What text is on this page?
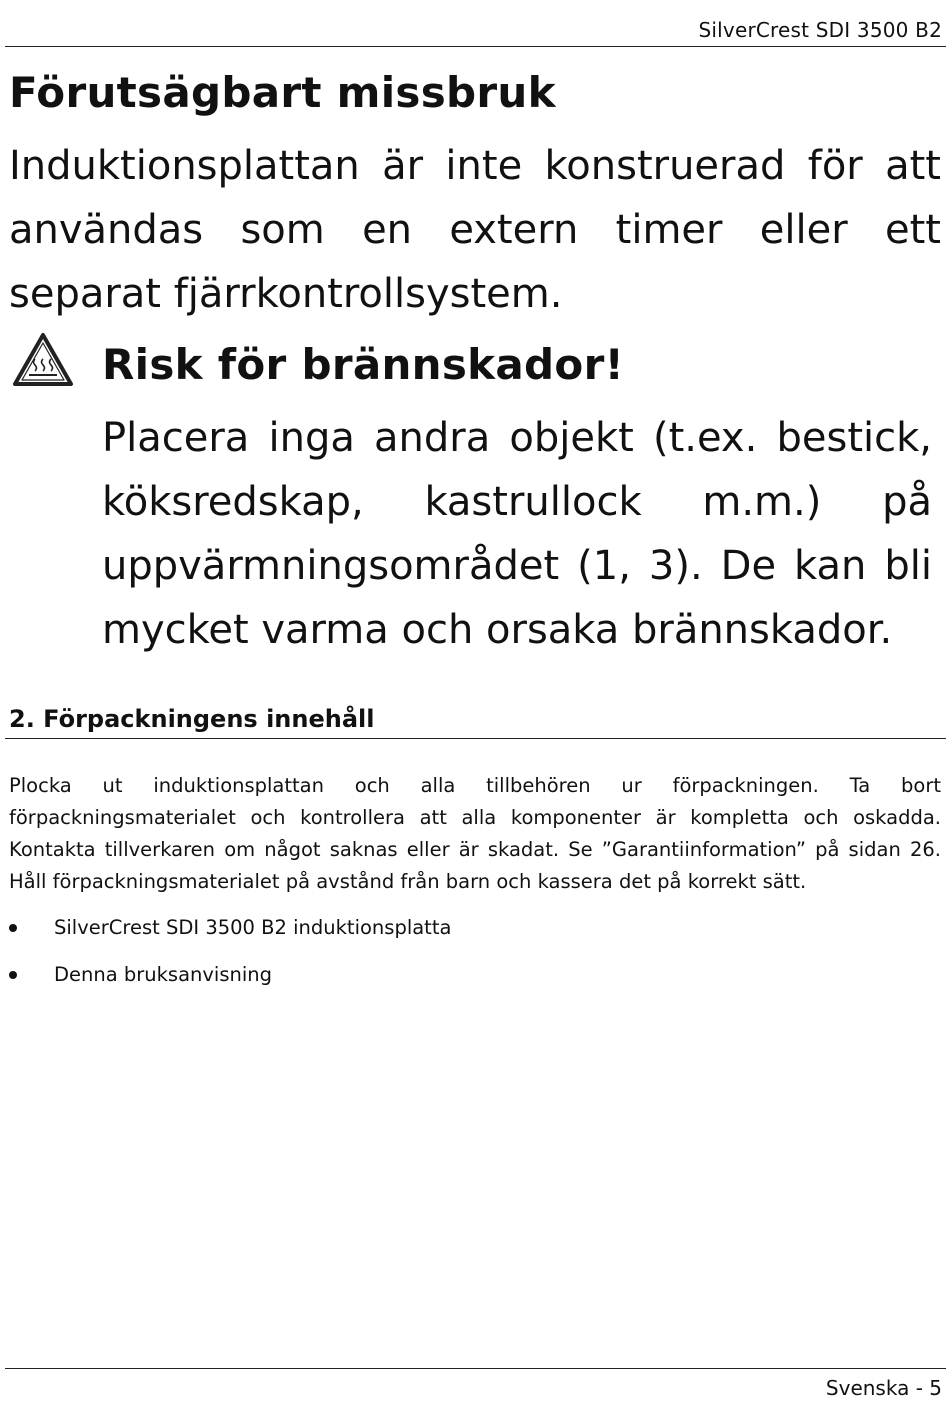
SilverCrest SDI 3500 B2
Förutsägbart missbruk

Induktionsplattan är inte konstruerad för att användas som en extern timer eller ett separat fjärrkontrollsystem.

Risk för brännskador!

Placera inga andra objekt (t.ex. bestick, köksredskap, kastrullock m.m.) på uppvärmningsområdet (1, 3). De kan bli mycket varma och orsaka brännskador.

2. Förpackningens innehåll

Plocka ut induktionsplattan och alla tillbehören ur förpackningen. Ta bort förpackningsmaterialet och kontrollera att alla komponenter är kompletta och oskadda. Kontakta tillverkaren om något saknas eller är skadat. Se ”Garantiinformation” på sidan 26. Håll förpackningsmaterialet på avstånd från barn och kassera det på korrekt sätt.

SilverCrest SDI 3500 B2 induktionsplatta
Denna bruksanvisning
Svenska - 5
